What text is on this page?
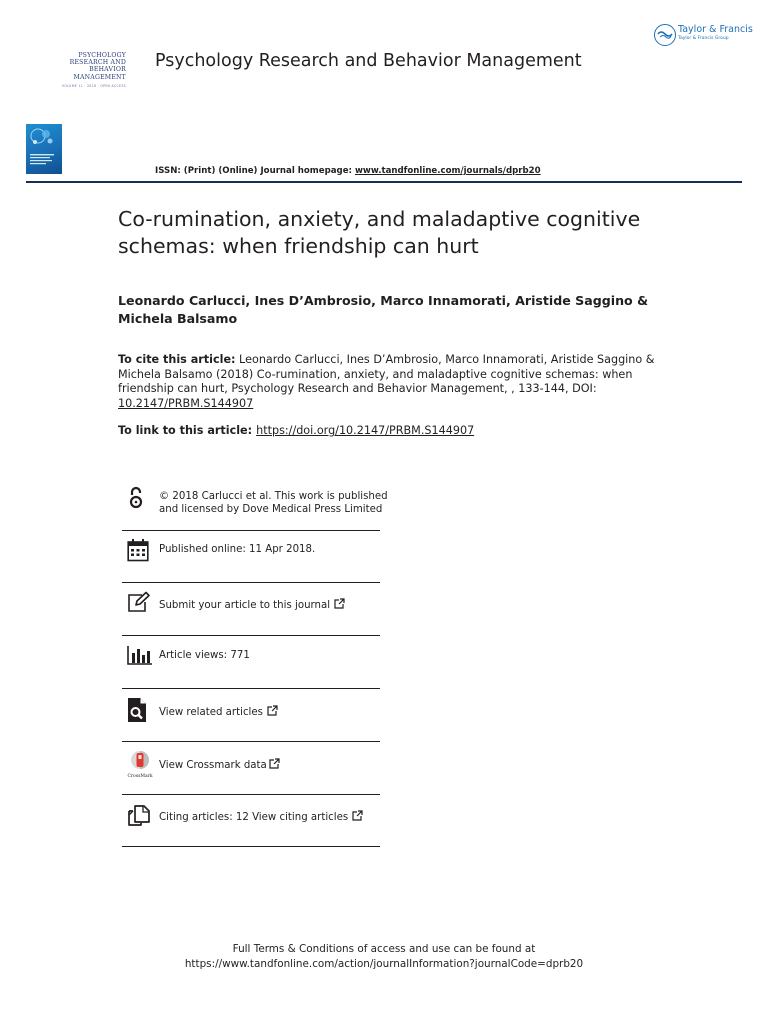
Taylor & Francis
Taylor & Francis Group
PSYCHOLOGY
RESEARCH AND
BEHAVIOR
MANAGEMENT
VOLUME 11 · 2018 · OPEN ACCESS
Psychology Research and Behavior Management
ISSN: (Print) (Online) Journal homepage: www.tandfonline.com/journals/dprb20
Co-rumination, anxiety, and maladaptive cognitive schemas: when friendship can hurt
Leonardo Carlucci, Ines D’Ambrosio, Marco Innamorati, Aristide Saggino & Michela Balsamo
To cite this article: Leonardo Carlucci, Ines D’Ambrosio, Marco Innamorati, Aristide Saggino & Michela Balsamo (2018) Co-rumination, anxiety, and maladaptive cognitive schemas: when friendship can hurt, Psychology Research and Behavior Management, , 133-144, DOI: 10.2147/PRBM.S144907
To link to this article: https://doi.org/10.2147/PRBM.S144907
© 2018 Carlucci et al. This work is published
and licensed by Dove Medical Press Limited
Published online: 11 Apr 2018.
Submit your article to this journal
Article views: 771
View related articles
CrossMark
View Crossmark data
Citing articles: 12 View citing articles
Full Terms & Conditions of access and use can be found at
https://www.tandfonline.com/action/journalInformation?journalCode=dprb20
